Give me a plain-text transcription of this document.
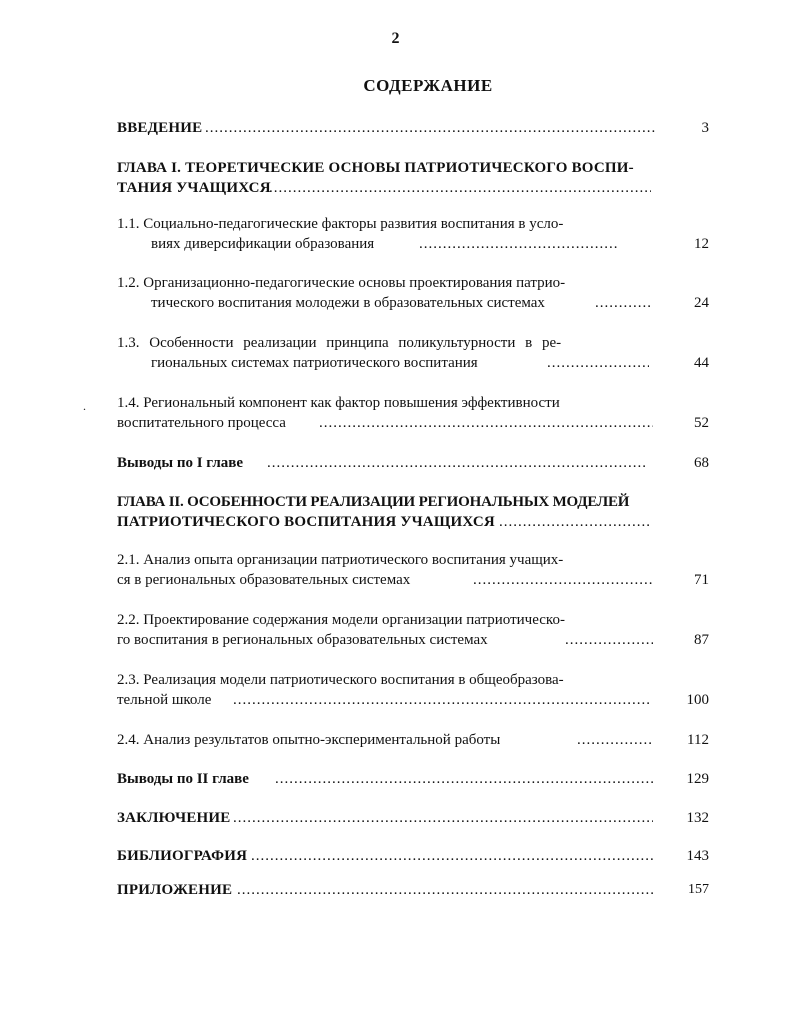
2
СОДЕРЖАНИЕ
.
ВВЕДЕНИЕ .....	3
ГЛАВА I. ТЕОРЕТИЧЕСКИЕ ОСНОВЫ ПАТРИОТИЧЕСКОГО ВОСПИ-
ТАНИЯ УЧАЩИХСЯ
.....
1.1. Социально-педагогические факторы развития воспитания в усло-
виях диверсификации образования .....	12
1.2. Организационно-педагогические основы проектирования патрио-
тического воспитания молодежи в образовательных системах .....	24
1.3. Особенности реализации принципа поликультурности в ре-
гиональных системах патриотического воспитания .....	44
1.4. Региональный компонент как фактор повышения эффективности
воспитательного процесса .....	52
Выводы по I главе .....	68
ГЛАВА II. ОСОБЕННОСТИ РЕАЛИЗАЦИИ РЕГИОНАЛЬНЫХ МОДЕЛЕЙ
ПАТРИОТИЧЕСКОГО ВОСПИТАНИЯ УЧАЩИХСЯ
.....
2.1. Анализ опыта организации патриотического воспитания учащих-
ся в региональных образовательных системах .....	71
2.2. Проектирование содержания модели организации патриотическо-
го воспитания в региональных образовательных системах .....	87
2.3. Реализация модели патриотического воспитания в общеобразова-
тельной школе .....	100
2.4. Анализ результатов опытно-экспериментальной работы .....	112
Выводы по II главе .....	129
ЗАКЛЮЧЕНИЕ .....	132
БИБЛИОГРАФИЯ .....	143
ПРИЛОЖЕНИЕ .....	157
